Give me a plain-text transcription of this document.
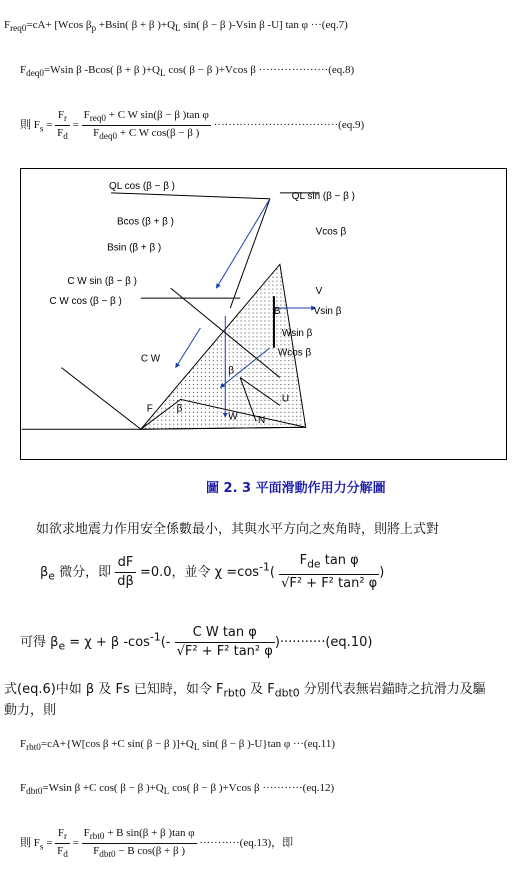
$F_{req0}=cA+ [Wcos$ $\beta_p +Bsin$( β + β )$+Q_L$ sin( β − β )-Vsin β -U] tan φ ···(eq.7)
$F_{deq0}=Wsin$ β -Bcos( β + β )$+Q_L$ cos( β − β )+Vcos β ···················(eq.8)
則 $F_s = \frac{F_r}{F_d} = \frac{F_{req0} + C W \sin(\beta - \beta )\tan \varphi}{F_{deq0} + C W \cos(\beta - \beta )} \cdot\cdot\cdot\cdot\cdot\cdot\cdot\cdot\cdot\cdot\cdot\cdot\cdot\cdot\cdot\cdot\cdot\cdot\cdot\cdot\cdot\cdot\cdot\cdot\cdot\cdot\cdot\cdot\cdot\cdot\cdot\cdot\cdot\cdot(eq.9)$
QL cos (β − β )
QL sin (β − β )
Bcos (β + β )
Bsin (β + β )
Vcos β
Vsin β
C W sin (β − β )
C W cos (β − β )
C W
Wsin β
Wcos β
F
B
V
U
N
W
β
β
圖 2. 3 平面滑動作用力分解圖
如欲求地震力作用安全係數最小，其與水平方向之夾角時，則將上式對
$\beta_e$ 微分，即 $\frac{dF}{d\beta} =0.0$，並令 $\chi =\cos^{-1}( \frac{F_{de} \tan \varphi}{\text{√F² + F² tan² φ}}$ )
可得 $\beta_e = \chi + \beta$ $-\cos^{-1}(- \frac{\text{C W tan φ}}{\text{√F² + F² tan² φ}} )\cdot\cdot\cdot\cdot\cdot\cdot\cdot\cdot\cdot\cdot\cdot(eq.10)$
式(eq.6)中如 β 及 Fs 已知時，如令 $F_{rbt0}$ 及 $F_{dbt0}$ 分別代表無岩錨時之抗滑力及驅
動力，則
$F_{rbt0}=cA+\{W[\cos$ β +C sin( β − β )]$+Q_L$ sin( β − β )-U}tan φ ···(eq.11)
$F_{dbt0}=Wsin$ β +C cos( β − β )$+Q_L$ cos( β − β )+Vcos β ···········(eq.12)
則 $F_s = \frac{F_r}{F_d} = \frac{F_{rbt0} + B \sin(\beta + \beta )\tan \varphi}{F_{dbt0} - B \cos(\beta + \beta )} \cdot\cdot\cdot\cdot\cdot\cdot\cdot\cdot\cdot\cdot\cdot(eq.13)$，即
